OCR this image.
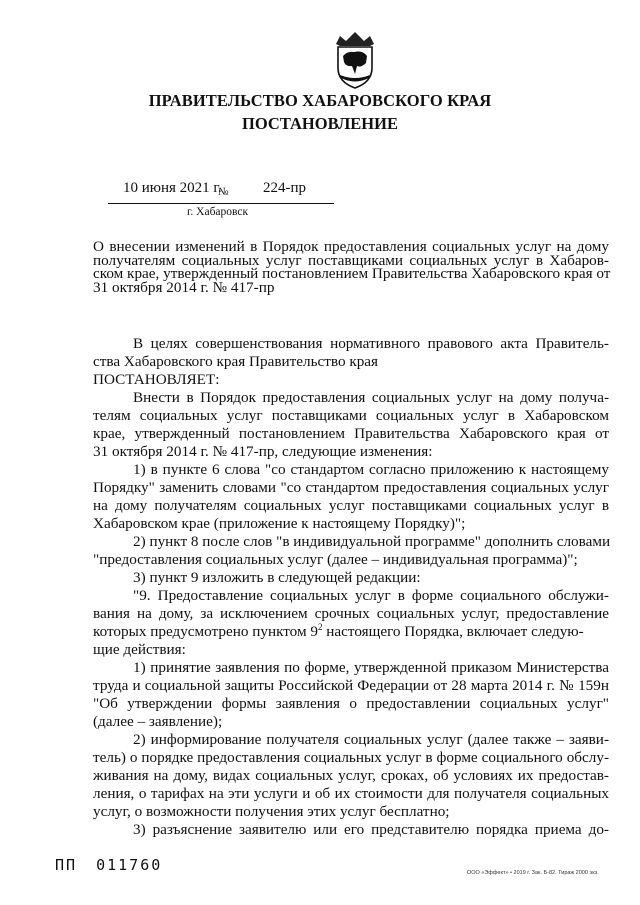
ПРАВИТЕЛЬСТВО ХАБАРОВСКОГО КРАЯ
ПОСТАНОВЛЕНИЕ
10 июня 2021 г.
№ 224-пр
г. Хабаровск
О внесении изменений в Порядок предоставления социальных услуг на дому
получателям социальных услуг поставщиками социальных услуг в Хабаров-
ском крае, утвержденный постановлением Правительства Хабаровского края от
31 октября 2014 г. № 417-пр
В целях совершенствования нормативного правового акта Правитель-
ства Хабаровского края Правительство края
ПОСТАНОВЛЯЕТ:
Внести в Порядок предоставления социальных услуг на дому получа-
телям социальных услуг поставщиками социальных услуг в Хабаровском
крае, утвержденный постановлением Правительства Хабаровского края от
31 октября 2014 г. № 417-пр, следующие изменения:
1) в пункте 6 слова "со стандартом согласно приложению к настоящему
Порядку" заменить словами "со стандартом предоставления социальных услуг
на дому получателям социальных услуг поставщиками социальных услуг в
Хабаровском крае (приложение к настоящему Порядку)";
2) пункт 8 после слов "в индивидуальной программе" дополнить словами
"предоставления социальных услуг (далее – индивидуальная программа)";
3) пункт 9 изложить в следующей редакции:
"9. Предоставление социальных услуг в форме социального обслужи-
вания на дому, за исключением срочных социальных услуг, предоставление
которых предусмотрено пунктом $9^2$ настоящего Порядка, включает следую-
щие действия:
1) принятие заявления по форме, утвержденной приказом Министерства
труда и социальной защиты Российской Федерации от 28 марта 2014 г. № 159н
"Об утверждении формы заявления о предоставлении социальных услуг"
(далее – заявление);
2) информирование получателя социальных услуг (далее также – заяви-
тель) о порядке предоставления социальных услуг в форме социального обслу-
живания на дому, видах социальных услуг, сроках, об условиях их предостав-
ления, о тарифах на эти услуги и об их стоимости для получателя социальных
услуг, о возможности получения этих услуг бесплатно;
3) разъяснение заявителю или его представителю порядка приема до-
ПП 011760	ООО «Эффект» • 2019 г. Зак. Б-82. Тираж 2000 экз.
